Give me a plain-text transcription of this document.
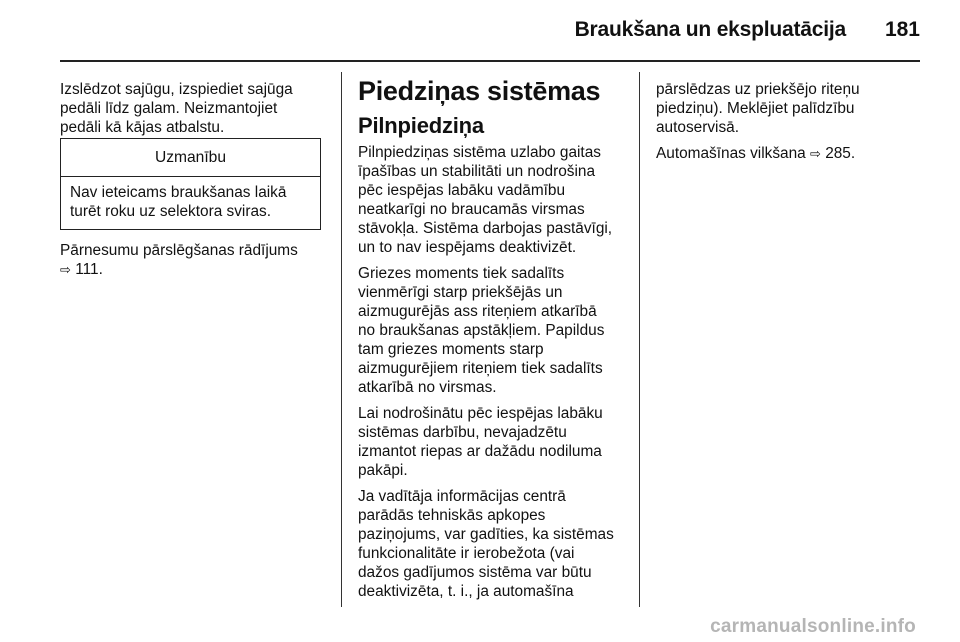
Braukšana un ekspluatācija	181

Izslēdzot sajūgu, izspiediet sajūga
pedāli līdz galam. Neizmantojiet
pedāli kā kājas atbalstu.

Uzmanību
Nav ieteicams braukšanas laikā
turēt roku uz selektora sviras.
Pārnesumu pārslēgšanas rādījums
⇨ 111.
Piedziņas sistēmas
Pilnpiedziņa

Pilnpiedziņas sistēma uzlabo gaitas
īpašības un stabilitāti un nodrošina
pēc iespējas labāku vadāmību
neatkarīgi no braucamās virsmas
stāvokļa. Sistēma darbojas pastāvīgi,
un to nav iespējams deaktivizēt.

Griezes moments tiek sadalīts
vienmērīgi starp priekšējās un
aizmugurējās ass riteņiem atkarībā
no braukšanas apstākļiem. Papildus
tam griezes moments starp
aizmugurējiem riteņiem tiek sadalīts
atkarībā no virsmas.

Lai nodrošinātu pēc iespējas labāku
sistēmas darbību, nevajadzētu
izmantot riepas ar dažādu nodiluma
pakāpi.

Ja vadītāja informācijas centrā
parādās tehniskās apkopes
paziņojums, var gadīties, ka sistēmas
funkcionalitāte ir ierobežota (vai
dažos gadījumos sistēma var būtu
deaktivizēta, t. i., ja automašīna

pārslēdzas uz priekšējo riteņu
piedziņu). Meklējiet palīdzību
autoservisā.

Automašīnas vilkšana ⇨ 285.

carmanualsonline.info
